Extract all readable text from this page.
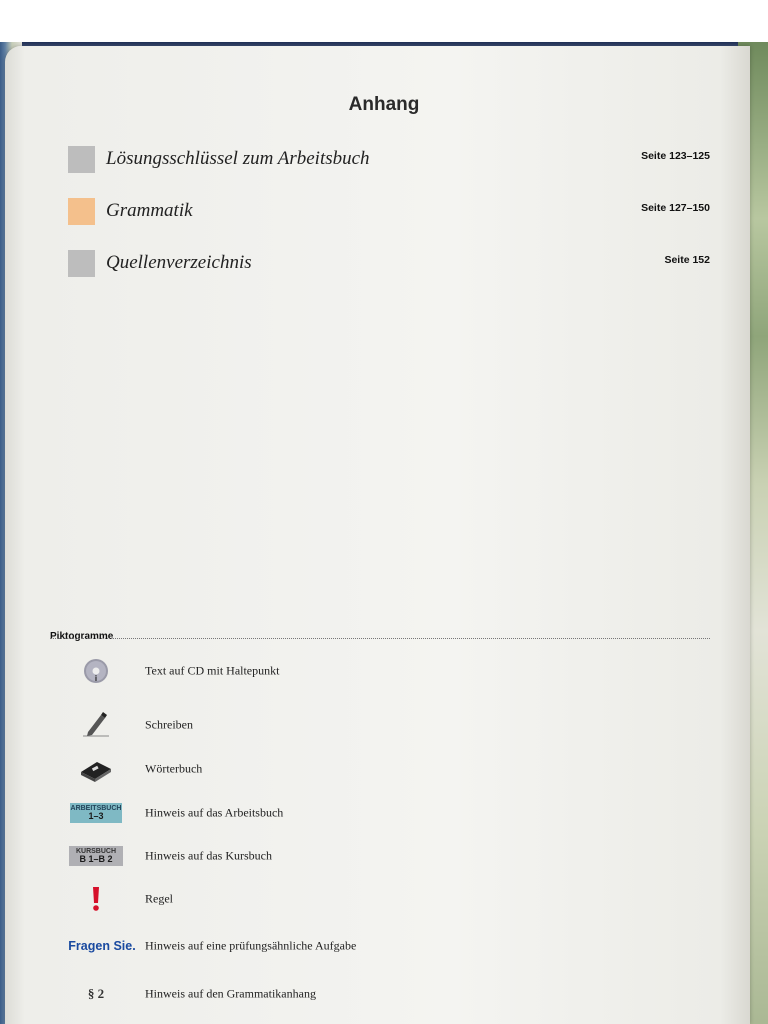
Anhang
Lösungsschlüssel zum Arbeitsbuch	Seite 123–125
Grammatik	Seite 127–150
Quellenverzeichnis	Seite 152
Piktogramme
i
Text auf CD mit Haltepunkt
Schreiben
Wörterbuch
ARBEITSBUCH
1–3	Hinweis auf das Arbeitsbuch
KURSBUCH
B 1–B 2	Hinweis auf das Kursbuch
Regel
Fragen Sie. Hinweis auf eine prüfungsähnliche Aufgabe
§ 2	Hinweis auf den Grammatikanhang
